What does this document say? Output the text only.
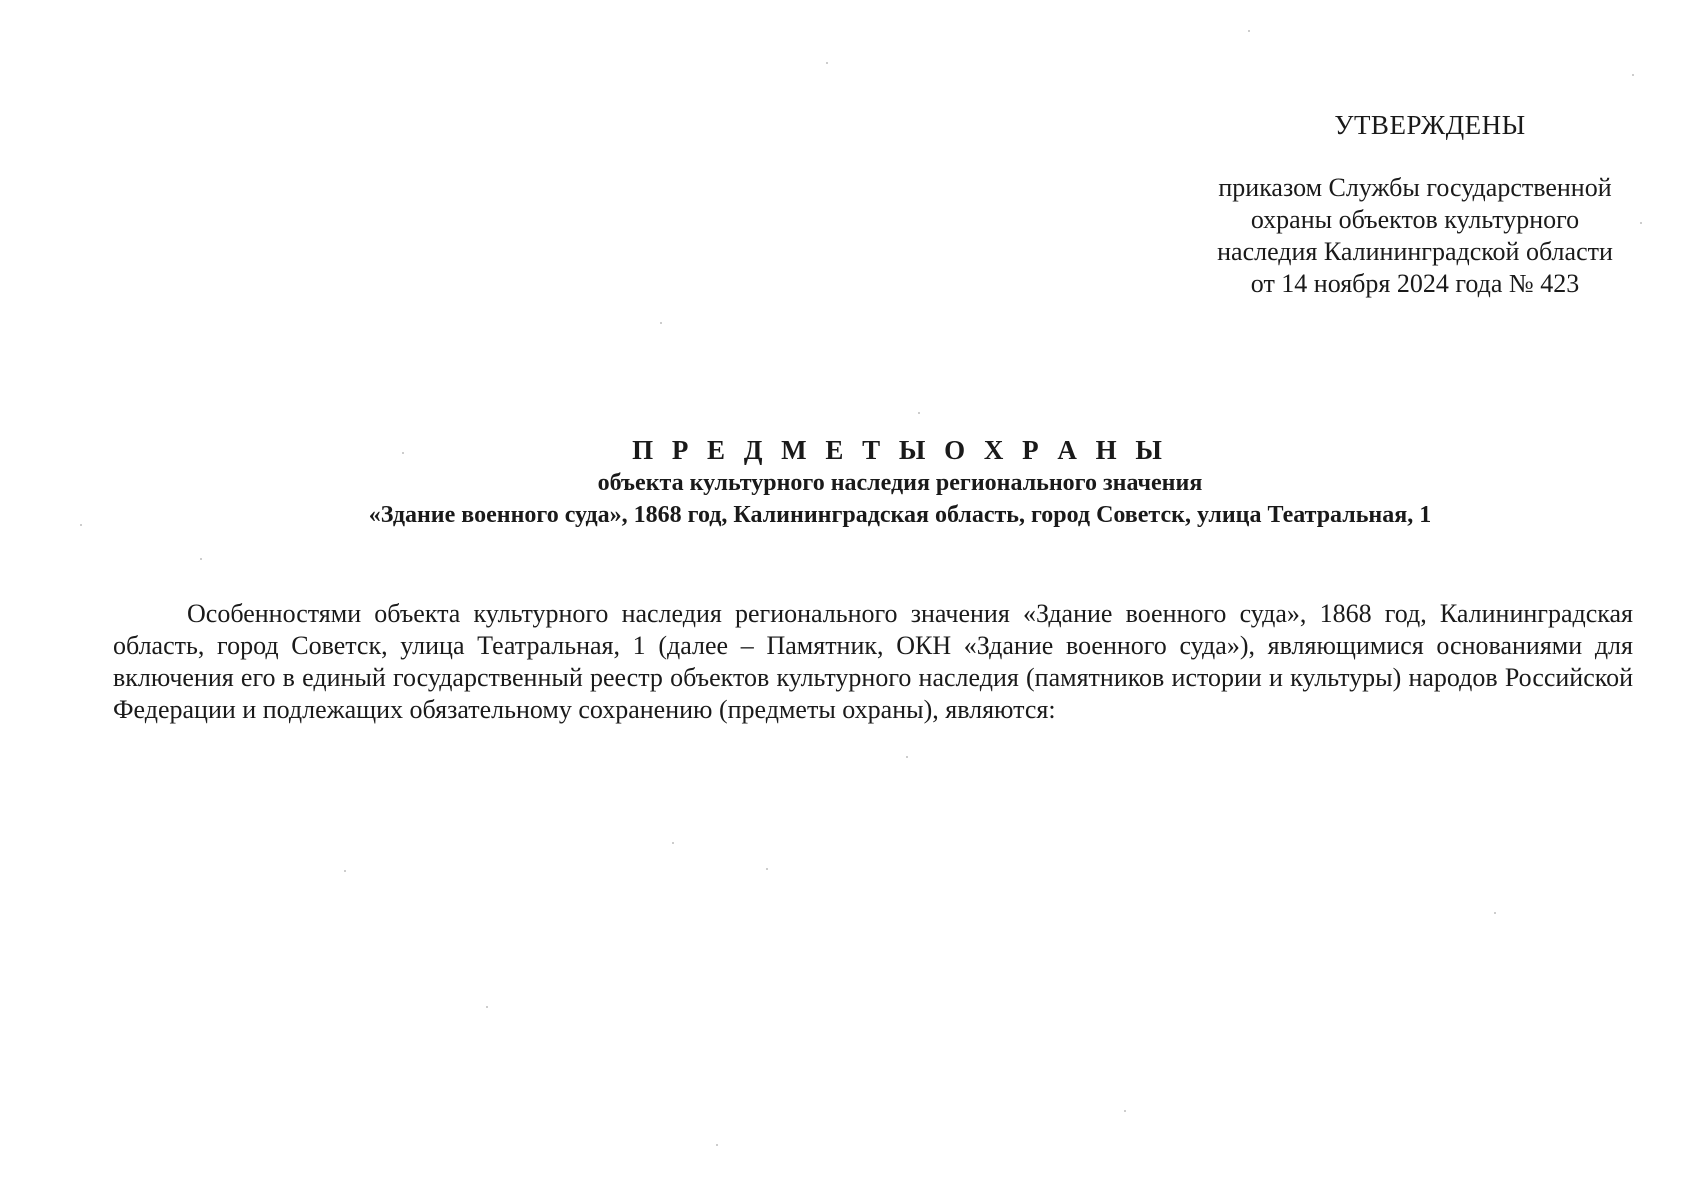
УТВЕРЖДЕНЫ
приказом Службы государственной
охраны объектов культурного
наследия Калининградской области
от 14 ноября 2024 года № 423
П Р Е Д М Е Т Ы О Х Р А Н Ы
объекта культурного наследия регионального значения
«Здание военного суда», 1868 год, Калининградская область, город Советск, улица Театральная, 1

Особенностями объекта культурного наследия регионального значения «Здание военного суда», 1868 год, Калининградская область, город Советск, улица Театральная, 1 (далее – Памятник, ОКН «Здание военного суда»), являющимися основаниями для включения его в единый государственный реестр объектов культурного наследия (памятников истории и культуры) народов Российской Федерации и подлежащих обязательному сохранению (предметы охраны), являются:
